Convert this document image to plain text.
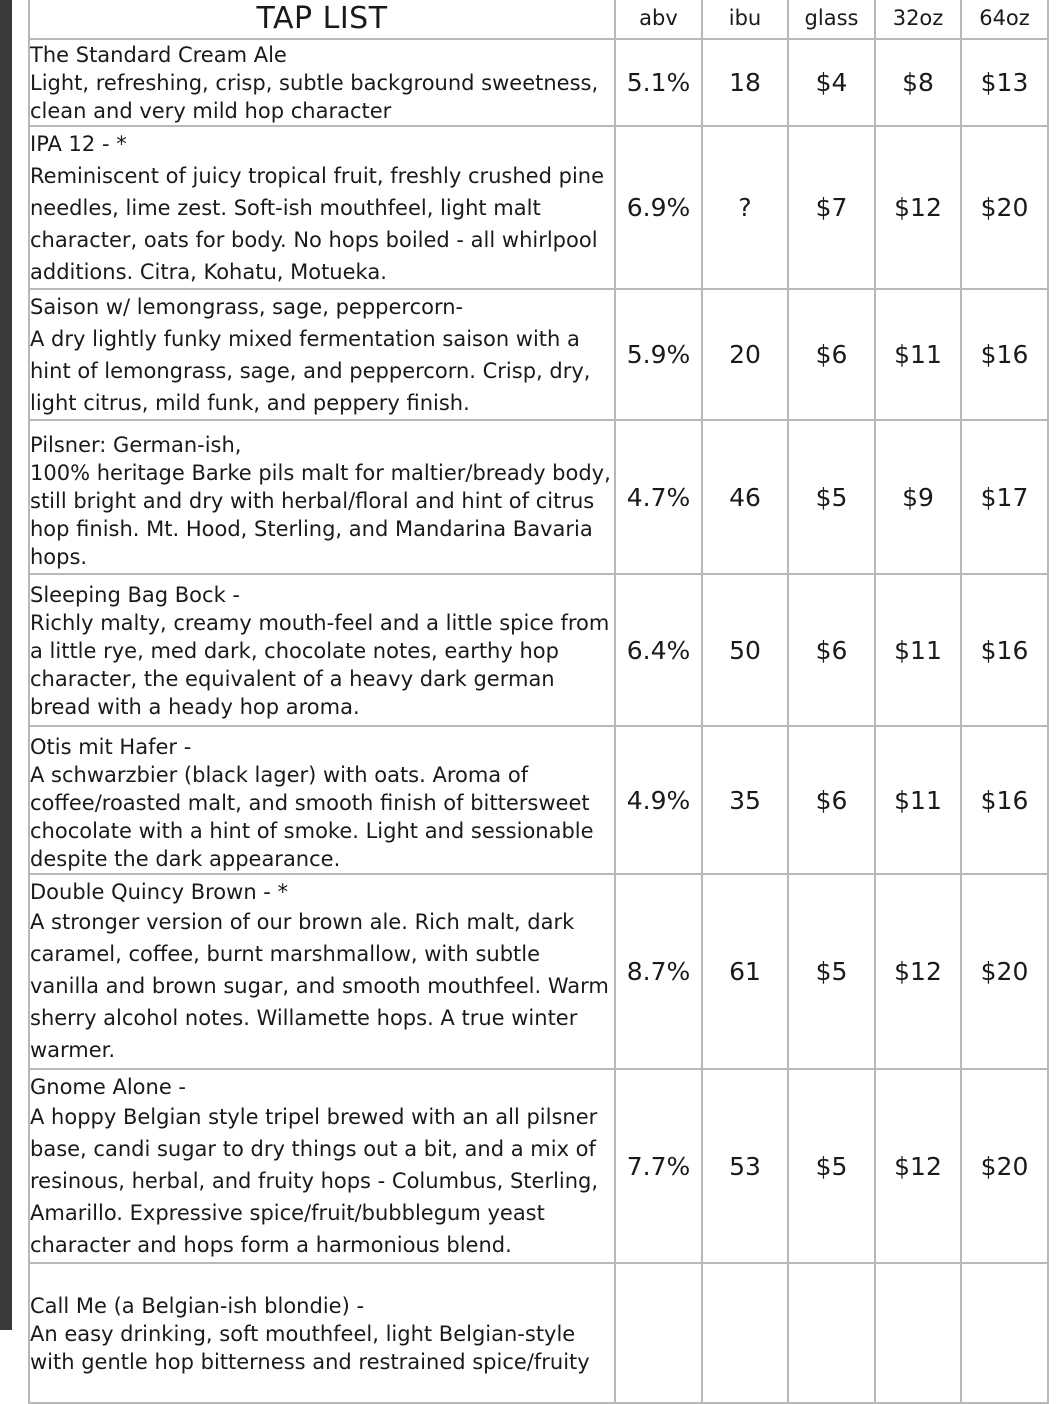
TAP LIST	abv	ibu	glass	32oz	64oz

The Standard Cream Ale
Light, refreshing, crisp, subtle background sweetness, clean and very mild hop character	5.1%	18	$4	$8	$13

IPA 12 - *
Reminiscent of juicy tropical fruit, freshly crushed pine needles, lime zest. Soft-ish mouthfeel, light malt character, oats for body. No hops boiled - all whirlpool additions. Citra, Kohatu, Motueka.	6.9%	?	$7	$12	$20

Saison w/ lemongrass, sage, peppercorn-
A dry lightly funky mixed fermentation saison with a hint of lemongrass, sage, and peppercorn. Crisp, dry, light citrus, mild funk, and peppery finish.	5.9%	20	$6	$11	$16

Pilsner: German-ish,
100% heritage Barke pils malt for maltier/bready body, still bright and dry with herbal/floral and hint of citrus hop finish. Mt. Hood, Sterling, and Mandarina Bavaria hops.	4.7%	46	$5	$9	$17

Sleeping Bag Bock -
Richly malty, creamy mouth-feel and a little spice from a little rye, med dark, chocolate notes, earthy hop character, the equivalent of a heavy dark german bread with a heady hop aroma.	6.4%	50	$6	$11	$16

Otis mit Hafer -
A schwarzbier (black lager) with oats. Aroma of coffee/roasted malt, and smooth finish of bittersweet chocolate with a hint of smoke. Light and sessionable despite the dark appearance.	4.9%	35	$6	$11	$16

Double Quincy Brown - *
A stronger version of our brown ale. Rich malt, dark caramel, coffee, burnt marshmallow, with subtle vanilla and brown sugar, and smooth mouthfeel. Warm sherry alcohol notes. Willamette hops. A true winter warmer.	8.7%	61	$5	$12	$20

Gnome Alone -
A hoppy Belgian style tripel brewed with an all pilsner base, candi sugar to dry things out a bit, and a mix of resinous, herbal, and fruity hops - Columbus, Sterling, Amarillo. Expressive spice/fruit/bubblegum yeast character and hops form a harmonious blend.	7.7%	53	$5	$12	$20

Call Me (a Belgian-ish blondie) -
An easy drinking, soft mouthfeel, light Belgian-style with gentle hop bitterness and restrained spice/fruity					
